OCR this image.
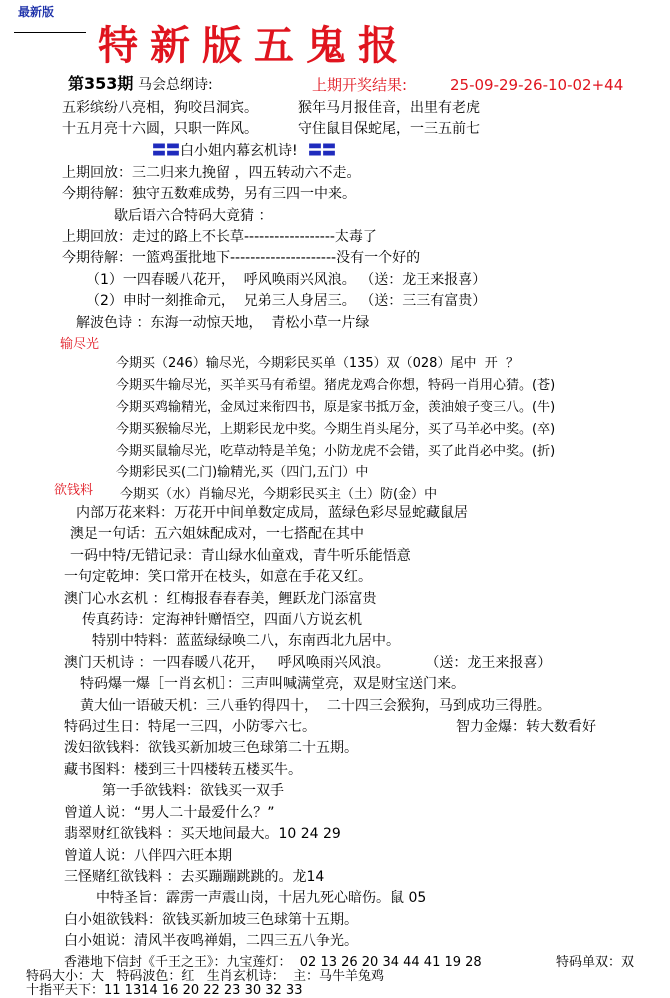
最新版
特新版五鬼报
第353期 马会总纲诗:	上期开奖结果:	25-09-29-26-10-02+44
五彩缤纷八亮相，狗咬吕洞宾。	猴年马月报佳音，出里有老虎
十五月亮十六圆，只职一阵风。	守住鼠目保蛇尾，一三五前七
〓〓 白小姐内幕玄机诗! 〓〓
上期回放：三二归来九挽留 ，四五转动六不走。
今期待解：独守五数难成势，另有三四一中来。
歇后语六合特码大竟猜 ：
上期回放：走过的路上不长草------------------太毒了
今期待解：一篮鸡蛋批地下---------------------没有一个好的
（1）一四春暖八花开，  呼风唤雨兴风浪。 （送：龙王来报喜）
（2）申时一刻推命元，  兄弟三人身居三。 （送：三三有富贵）
解波色诗 ：东海一动惊天地，  青松小草一片绿
输尽光
今期买（246）输尽光，今期彩民买单（135）双（028）尾中  开  ？
今期买牛输尽光，买羊买马有希望。猪虎龙鸡合你想，特码一肖用心猜。(苍)
今期买鸡输精光，金凤过来衔四书，原是家书抵万金，羡油娘子变三八。(牛)
今期买猴输尽光，上期彩民龙中奖。今期生肖头尾分，买了马羊必中奖。(卒)
今期买鼠输尽光，吃草动特是羊兔；小防龙虎不会错，买了此肖必中奖。(折)
今期彩民买(二门)输精光,买（四门,五门）中
今期买（水）肖输尽光，今期彩民买主（土）防(金）中
欲钱料
内部万花来料：万花开中间单数定成局，蓝绿色彩尽显蛇藏鼠居
澳足一句话：五六姐妹配成对，一七搭配在其中
一码中特/无错记录：青山绿水仙童戏，青牛听乐能悟意
一句定乾坤：笑口常开在枝头，如意在手花又红。
澳门心水玄机 ：红梅报春春春美，鲤跃龙门添富贵
传真药诗：定海神针赠悟空，四面八方说玄机
特别中特料：蓝蓝绿绿唤二八，东南西北九居中。
澳门天机诗 ：一四春暖八花开，   呼风唤雨兴风浪。        （送：龙王来报喜）
特码爆一爆［一肖玄机］：三声叫喊满堂亮，双是财宝送门来。
黄大仙一语破天机：三八垂钓得四十，  二十四三会猴狗，马到成功三得胜。
特码过生日：特尾一三四，小防零六七。	智力金爆：转大数看好
泼妇欲钱料：欲钱买新加坡三色球第二十五期。
藏书图料：楼到三十四楼转五楼买牛。
第一手欲钱料：欲钱买一双手
曾道人说：“男人二十最爱什么？”
翡翠财红欲钱料 ：买天地间最大。10 24 29
曾道人说：八伴四六旺本期
三怪赌红欲钱料 ：去买蹦蹦跳跳的。龙14
中特圣旨：霹雳一声震山岗，十居九死心暗伤。鼠 05
白小姐欲钱料：欲钱买新加坡三色球第十五期。
白小姐说：清风半夜鸣禅娟，二四三五八争光。
香港地下信封《千王之王》：九宝莲灯：  02 13 26 20 34 44 41 19 28	特码单双：双
特码大小：大   特码波色：红   生肖玄机诗：  主：马牛羊兔鸡
十指平天下：11 1314 16 20 22 23 30 32 33
